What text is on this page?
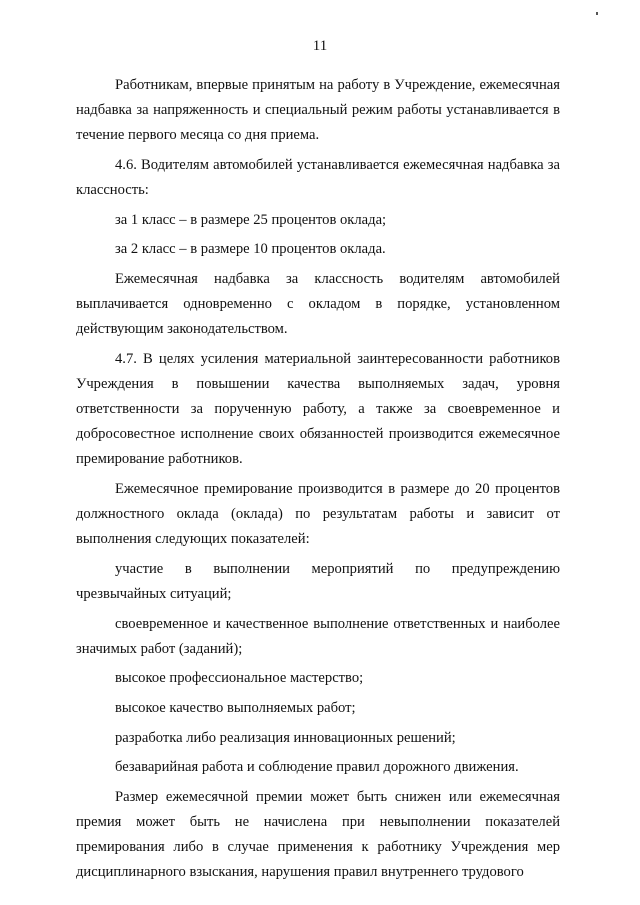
11

Работникам, впервые принятым на работу в Учреждение, ежемесячная надбавка за напряженность и специальный режим работы устанавливается в течение первого месяца со дня приема.

4.6. Водителям автомобилей устанавливается ежемесячная надбавка за классность:

за 1 класс – в размере 25 процентов оклада;

за 2 класс – в размере 10 процентов оклада.

Ежемесячная надбавка за классность водителям автомобилей выплачивается одновременно с окладом в порядке, установленном действующим законодательством.

4.7. В целях усиления материальной заинтересованности работников Учреждения в повышении качества выполняемых задач, уровня ответственности за порученную работу, а также за своевременное и добросовестное исполнение своих обязанностей производится ежемесячное премирование работников.

Ежемесячное премирование производится в размере до 20 процентов должностного оклада (оклада) по результатам работы и зависит от выполнения следующих показателей:

участие в выполнении мероприятий по предупреждению чрезвычайных ситуаций;

своевременное и качественное выполнение ответственных и наиболее значимых работ (заданий);

высокое профессиональное мастерство;

высокое качество выполняемых работ;

разработка либо реализация инновационных решений;

безаварийная работа и соблюдение правил дорожного движения.

Размер ежемесячной премии может быть снижен или ежемесячная премия может быть не начислена при невыполнении показателей премирования либо в случае применения к работнику Учреждения мер дисциплинарного взыскания, нарушения правил внутреннего трудового
